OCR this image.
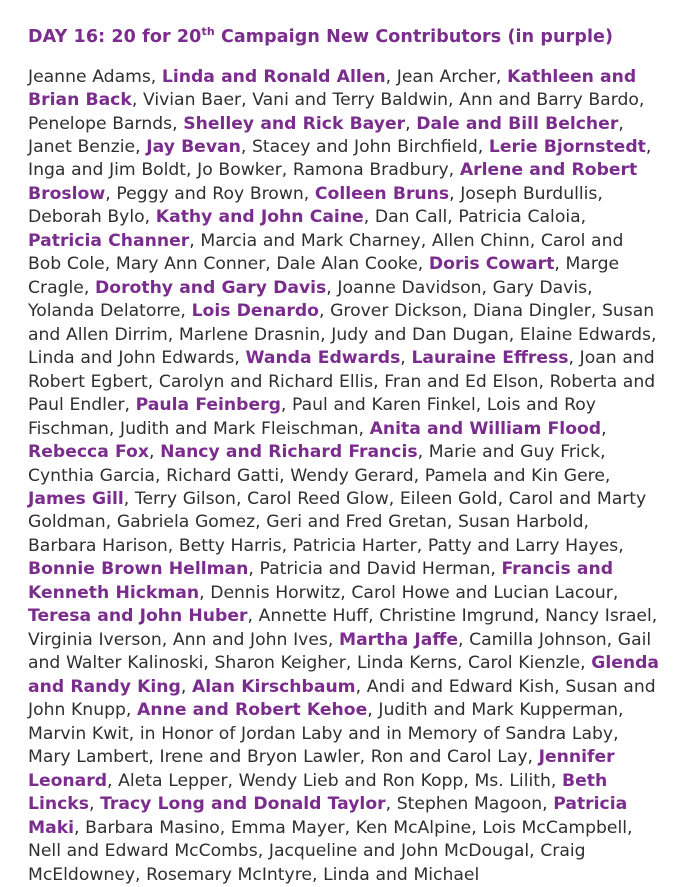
DAY 16: 20 for 20th Campaign New Contributors (in purple)

Jeanne Adams, Linda and Ronald Allen, Jean Archer, Kathleen and Brian Back, Vivian Baer, Vani and Terry Baldwin, Ann and Barry Bardo, Penelope Barnds, Shelley and Rick Bayer, Dale and Bill Belcher, Janet Benzie, Jay Bevan, Stacey and John Birchfield, Lerie Bjornstedt, Inga and Jim Boldt, Jo Bowker, Ramona Bradbury, Arlene and Robert Broslow, Peggy and Roy Brown, Colleen Bruns, Joseph Burdullis, Deborah Bylo, Kathy and John Caine, Dan Call, Patricia Caloia, Patricia Channer, Marcia and Mark Charney, Allen Chinn, Carol and Bob Cole, Mary Ann Conner, Dale Alan Cooke, Doris Cowart, Marge Cragle, Dorothy and Gary Davis, Joanne Davidson, Gary Davis, Yolanda Delatorre, Lois Denardo, Grover Dickson, Diana Dingler, Susan and Allen Dirrim, Marlene Drasnin, Judy and Dan Dugan, Elaine Edwards, Linda and John Edwards, Wanda Edwards, Lauraine Effress, Joan and Robert Egbert, Carolyn and Richard Ellis, Fran and Ed Elson, Roberta and Paul Endler, Paula Feinberg, Paul and Karen Finkel, Lois and Roy Fischman, Judith and Mark Fleischman, Anita and William Flood, Rebecca Fox, Nancy and Richard Francis, Marie and Guy Frick, Cynthia Garcia, Richard Gatti, Wendy Gerard, Pamela and Kin Gere, James Gill, Terry Gilson, Carol Reed Glow, Eileen Gold, Carol and Marty Goldman, Gabriela Gomez, Geri and Fred Gretan, Susan Harbold, Barbara Harison, Betty Harris, Patricia Harter, Patty and Larry Hayes, Bonnie Brown Hellman, Patricia and David Herman, Francis and Kenneth Hickman, Dennis Horwitz, Carol Howe and Lucian Lacour, Teresa and John Huber, Annette Huff, Christine Imgrund, Nancy Israel, Virginia Iverson, Ann and John Ives, Martha Jaffe, Camilla Johnson, Gail and Walter Kalinoski, Sharon Keigher, Linda Kerns, Carol Kienzle, Glenda and Randy King, Alan Kirschbaum, Andi and Edward Kish, Susan and John Knupp, Anne and Robert Kehoe, Judith and Mark Kupperman, Marvin Kwit, in Honor of Jordan Laby and in Memory of Sandra Laby, Mary Lambert, Irene and Bryon Lawler, Ron and Carol Lay, Jennifer Leonard, Aleta Lepper, Wendy Lieb and Ron Kopp, Ms. Lilith, Beth Lincks, Tracy Long and Donald Taylor, Stephen Magoon, Patricia Maki, Barbara Masino, Emma Mayer, Ken McAlpine, Lois McCampbell, Nell and Edward McCombs, Jacqueline and John McDougal, Craig McEldowney, Rosemary McIntyre, Linda and Michael
